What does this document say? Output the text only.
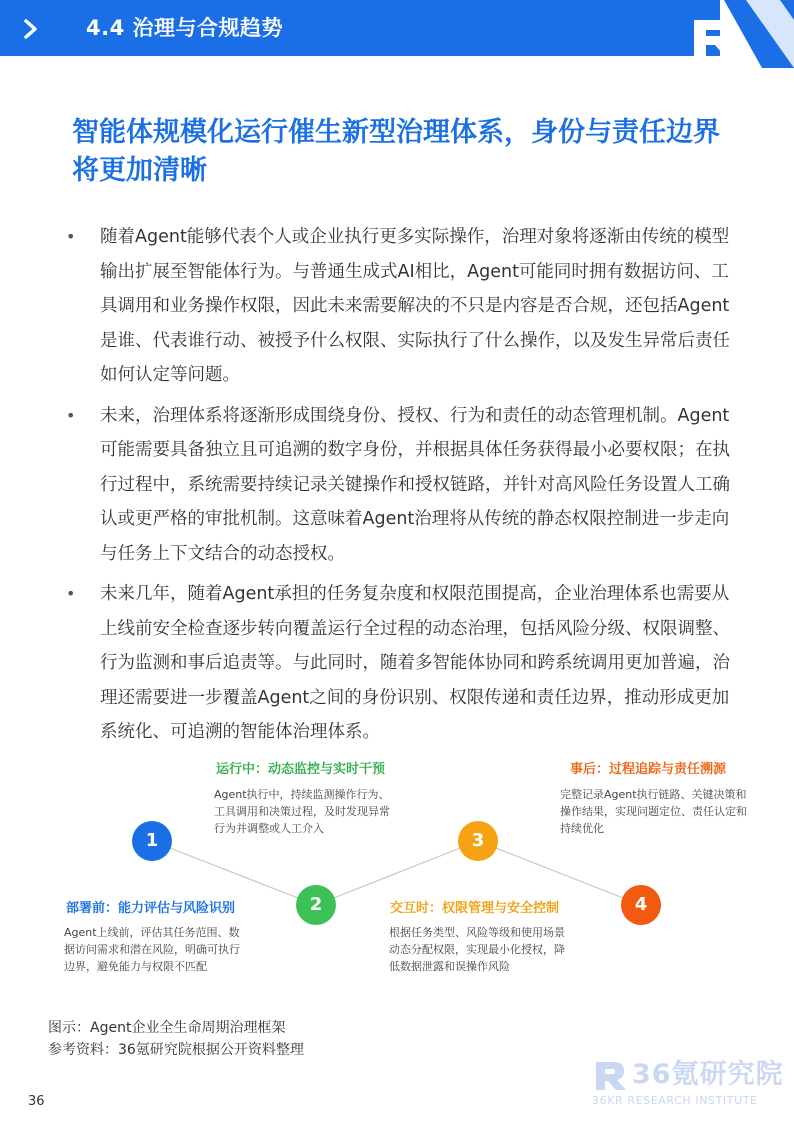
4.4 治理与合规趋势
智能体规模化运行催生新型治理体系，身份与责任边界将更加清晰
• 随着Agent能够代表个人或企业执行更多实际操作，治理对象将逐渐由传统的模型输出扩展至智能体行为。与普通生成式AI相比，Agent可能同时拥有数据访问、工具调用和业务操作权限，因此未来需要解决的不只是内容是否合规，还包括Agent是谁、代表谁行动、被授予什么权限、实际执行了什么操作，以及发生异常后责任如何认定等问题。
• 未来，治理体系将逐渐形成围绕身份、授权、行为和责任的动态管理机制。Agent可能需要具备独立且可追溯的数字身份，并根据具体任务获得最小必要权限；在执行过程中，系统需要持续记录关键操作和授权链路，并针对高风险任务设置人工确认或更严格的审批机制。这意味着Agent治理将从传统的静态权限控制进一步走向与任务上下文结合的动态授权。
• 未来几年，随着Agent承担的任务复杂度和权限范围提高，企业治理体系也需要从上线前安全检查逐步转向覆盖运行全过程的动态治理，包括风险分级、权限调整、行为监测和事后追责等。与此同时，随着多智能体协同和跨系统调用更加普遍，治理还需要进一步覆盖Agent之间的身份识别、权限传递和责任边界，推动形成更加系统化、可追溯的智能体治理体系。
1
部署前：能力评估与风险识别
Agent上线前，评估其任务范围、数据访问需求和潜在风险，明确可执行边界，避免能力与权限不匹配
2
运行中：动态监控与实时干预
Agent执行中，持续监测操作行为、工具调用和决策过程，及时发现异常行为并调整或人工介入
3
交互时：权限管理与安全控制
根据任务类型、风险等级和使用场景动态分配权限，实现最小化授权，降低数据泄露和误操作风险
4
事后：过程追踪与责任溯源
完整记录Agent执行链路、关键决策和操作结果，实现问题定位、责任认定和持续优化
图示：Agent企业全生命周期治理框架
参考资料：36氪研究院根据公开资料整理
36
36氪研究院
36KR RESEARCH INSTITUTE
